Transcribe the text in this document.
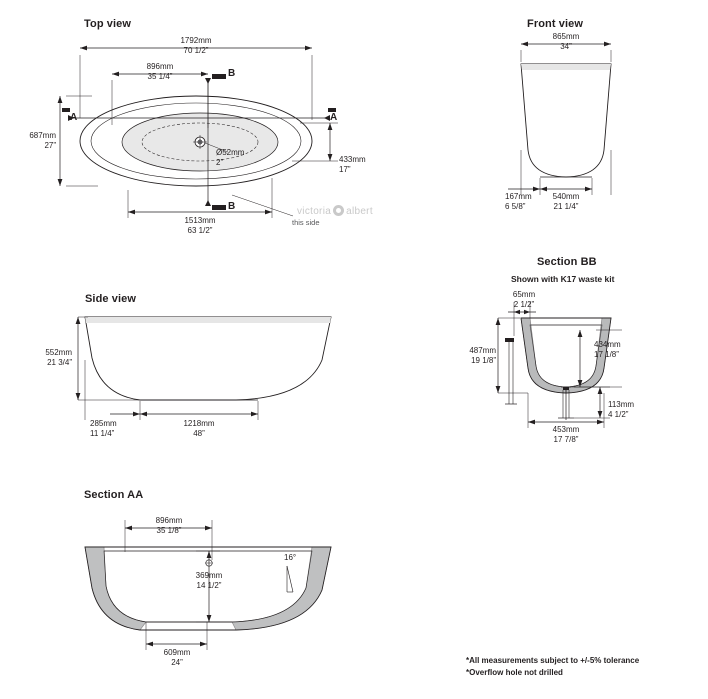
Top view	Front view
Side view
Section BB
Shown with K17 waste kit
Section AA
1792mm
70 1/2”
896mm
35 1/4”
687mm
27”
433mm
17”
Ø52mm
2”
1513mm
63 1/2”
A	A
B
B
this side
victoria albert
865mm
34”
167mm
6 5/8”
540mm
21 1/4”
552mm
21 3/4”
285mm
11 1/4”
1218mm
48”
65mm
2 1/2”
487mm
19 1/8”
434mm
17 1/8”
113mm
4 1/2”
453mm
17 7/8”
896mm
35 1/8”
369mm
14 1/2”
16°
609mm
24”	*All measurements subject to +/-5% tolerance
*Overflow hole not drilled
